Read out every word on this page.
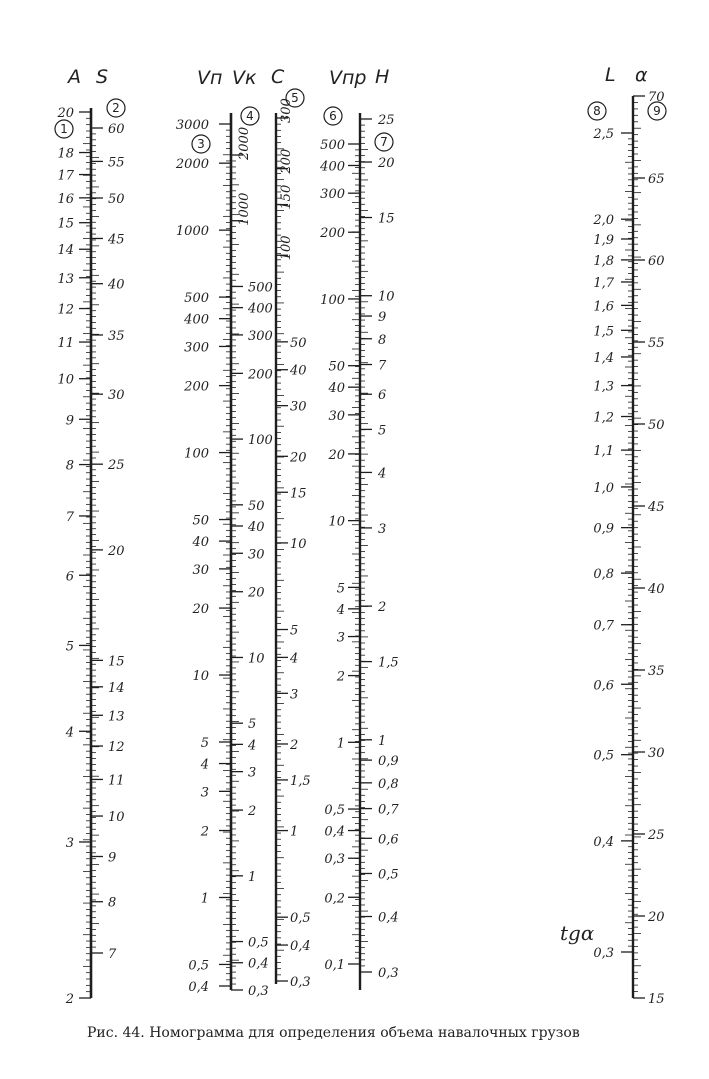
20
18
17
16
15
14
13
12
11
10
9
8
7
6
5
4
3
2
60
55
50
45
40
35
30
25
20
15
14
13
12
11
10
9
8
7
3000
2000
1000
500
400
300
200
100
50
40
30
20
10
5
4
3
2
1
0,5
0,4
2000
1000
500
400
300
200
100
50
40
30
20
10
5
4
3
2
1
0,5
0,4
0,3
300
200
150
100
50
40
30
20
15
10
5
4
3
2
1,5
1
0,5
0,4
0,3
500
400
300
200
100
50
40
30
20
10
5
4
3
2
1
0,5
0,4
0,3
0,2
0,1
25
20
15
10
9
8
7
6
5
4
3
2
1,5
1
0,9
0,8
0,7
0,6
0,5
0,4
0,3
2,5
2,0
1,9
1,8
1,7
1,6
1,5
1,4
1,3
1,2
1,1
1,0
0,9
0,8
0,7
0,6
0,5
0,4
0,3
70
65
60
55
50
45
40
35
30
25
20
15
A S	Vп Vк C Vпр H	L α
1
2
3
4
5
6
7
8	9
tgα
Рис. 44. Номограмма для определения объема навалочных грузов
